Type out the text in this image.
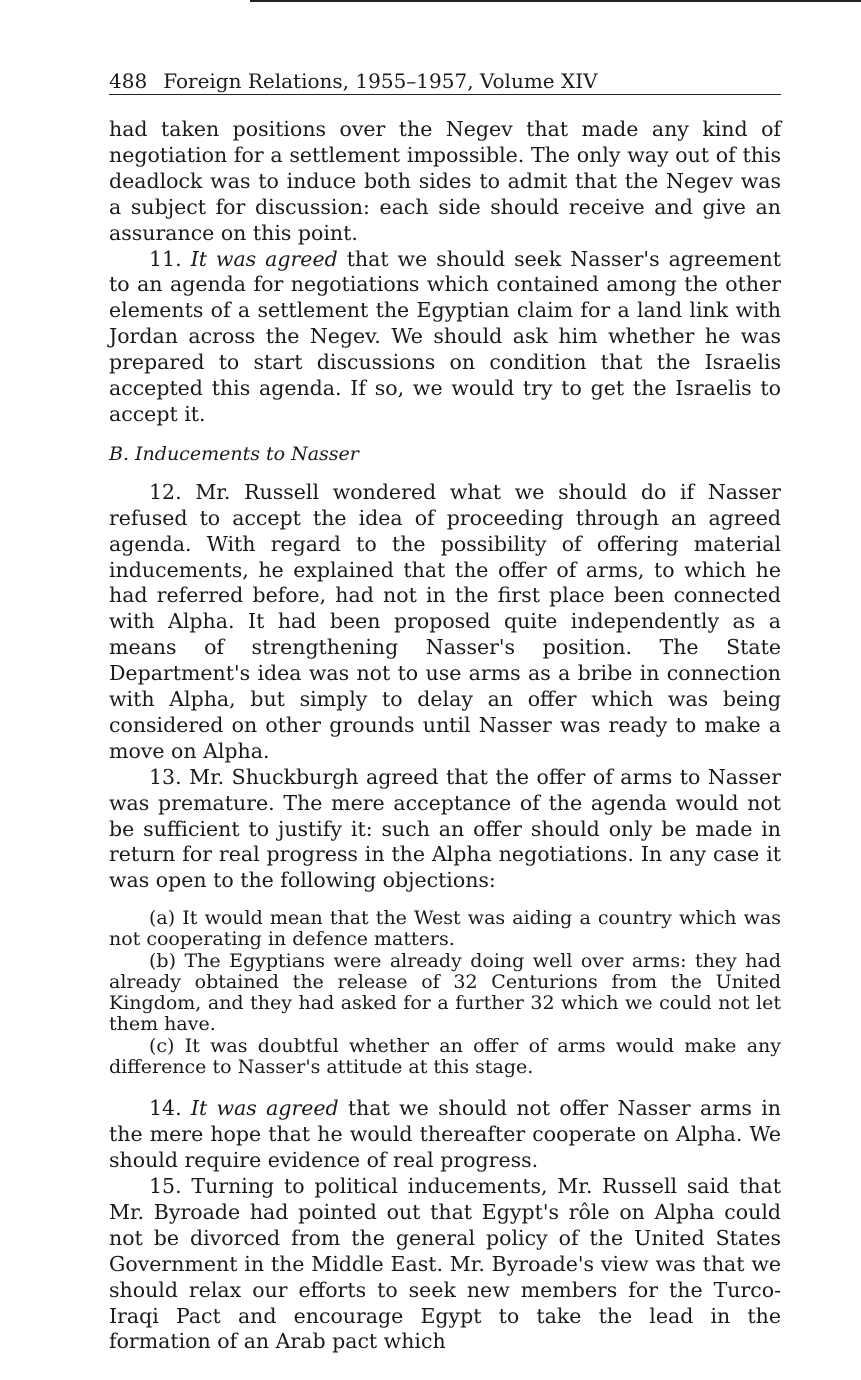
488 Foreign Relations, 1955–1957, Volume XIV

had taken positions over the Negev that made any kind of negotiation for a settlement impossible. The only way out of this deadlock was to induce both sides to admit that the Negev was a subject for discussion: each side should receive and give an assurance on this point.

11. It was agreed that we should seek Nasser's agreement to an agenda for negotiations which contained among the other elements of a settlement the Egyptian claim for a land link with Jordan across the Negev. We should ask him whether he was prepared to start discussions on condition that the Israelis accepted this agenda. If so, we would try to get the Israelis to accept it.

B. Inducements to Nasser

12. Mr. Russell wondered what we should do if Nasser refused to accept the idea of proceeding through an agreed agenda. With regard to the possibility of offering material inducements, he explained that the offer of arms, to which he had referred before, had not in the first place been connected with Alpha. It had been proposed quite independently as a means of strengthening Nasser's position. The State Department's idea was not to use arms as a bribe in connection with Alpha, but simply to delay an offer which was being considered on other grounds until Nasser was ready to make a move on Alpha.

13. Mr. Shuckburgh agreed that the offer of arms to Nasser was premature. The mere acceptance of the agenda would not be sufficient to justify it: such an offer should only be made in return for real progress in the Alpha negotiations. In any case it was open to the following objections:

(a) It would mean that the West was aiding a country which was not cooperating in defence matters.

(b) The Egyptians were already doing well over arms: they had already obtained the release of 32 Centurions from the United Kingdom, and they had asked for a further 32 which we could not let them have.

(c) It was doubtful whether an offer of arms would make any difference to Nasser's attitude at this stage.

14. It was agreed that we should not offer Nasser arms in the mere hope that he would thereafter cooperate on Alpha. We should require evidence of real progress.

15. Turning to political inducements, Mr. Russell said that Mr. Byroade had pointed out that Egypt's rôle on Alpha could not be divorced from the general policy of the United States Government in the Middle East. Mr. Byroade's view was that we should relax our efforts to seek new members for the Turco-Iraqi Pact and encourage Egypt to take the lead in the formation of an Arab pact which
